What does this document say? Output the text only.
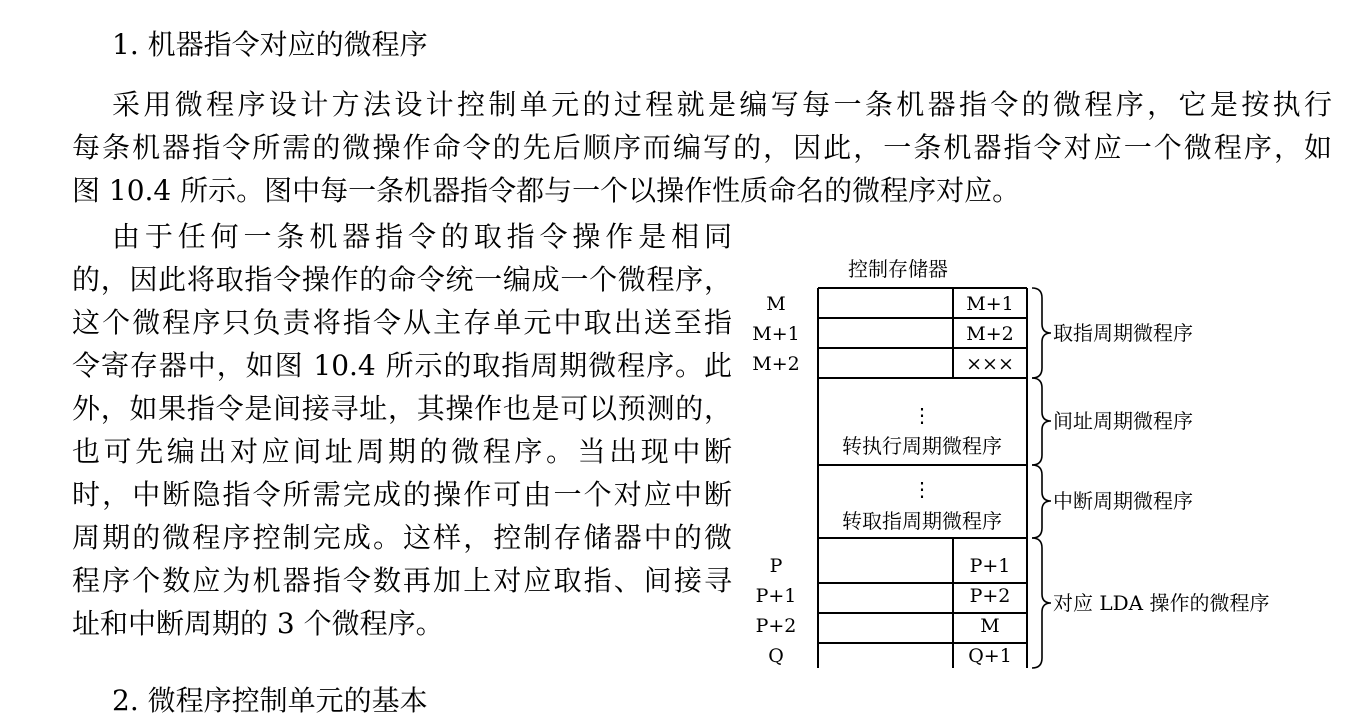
1. 机器指令对应的微程序
采用微程序设计方法设计控制单元的过程就是编写每一条机器指令的微程序，它是按执行
每条机器指令所需的微操作命令的先后顺序而编写的，因此，一条机器指令对应一个微程序，如
图 10.4 所示。图中每一条机器指令都与一个以操作性质命名的微程序对应。
由于任何一条机器指令的取指令操作是相同
的，因此将取指令操作的命令统一编成一个微程序，
这个微程序只负责将指令从主存单元中取出送至指
令寄存器中，如图 10.4 所示的取指周期微程序。此
外，如果指令是间接寻址，其操作也是可以预测的，
也可先编出对应间址周期的微程序。当出现中断
时，中断隐指令所需完成的操作可由一个对应中断
周期的微程序控制完成。这样，控制存储器中的微
程序个数应为机器指令数再加上对应取指、间接寻
址和中断周期的 3 个微程序。
2. 微程序控制单元的基本
控制存储器
M
M+1
M+2
P
P+1
P+2
Q
M+1
M+2
×××
P+1
P+2
M
Q+1
⋮
转执行周期微程序
⋮
转取指周期微程序
取指周期微程序
间址周期微程序
中断周期微程序
对应 LDA 操作的微程序
